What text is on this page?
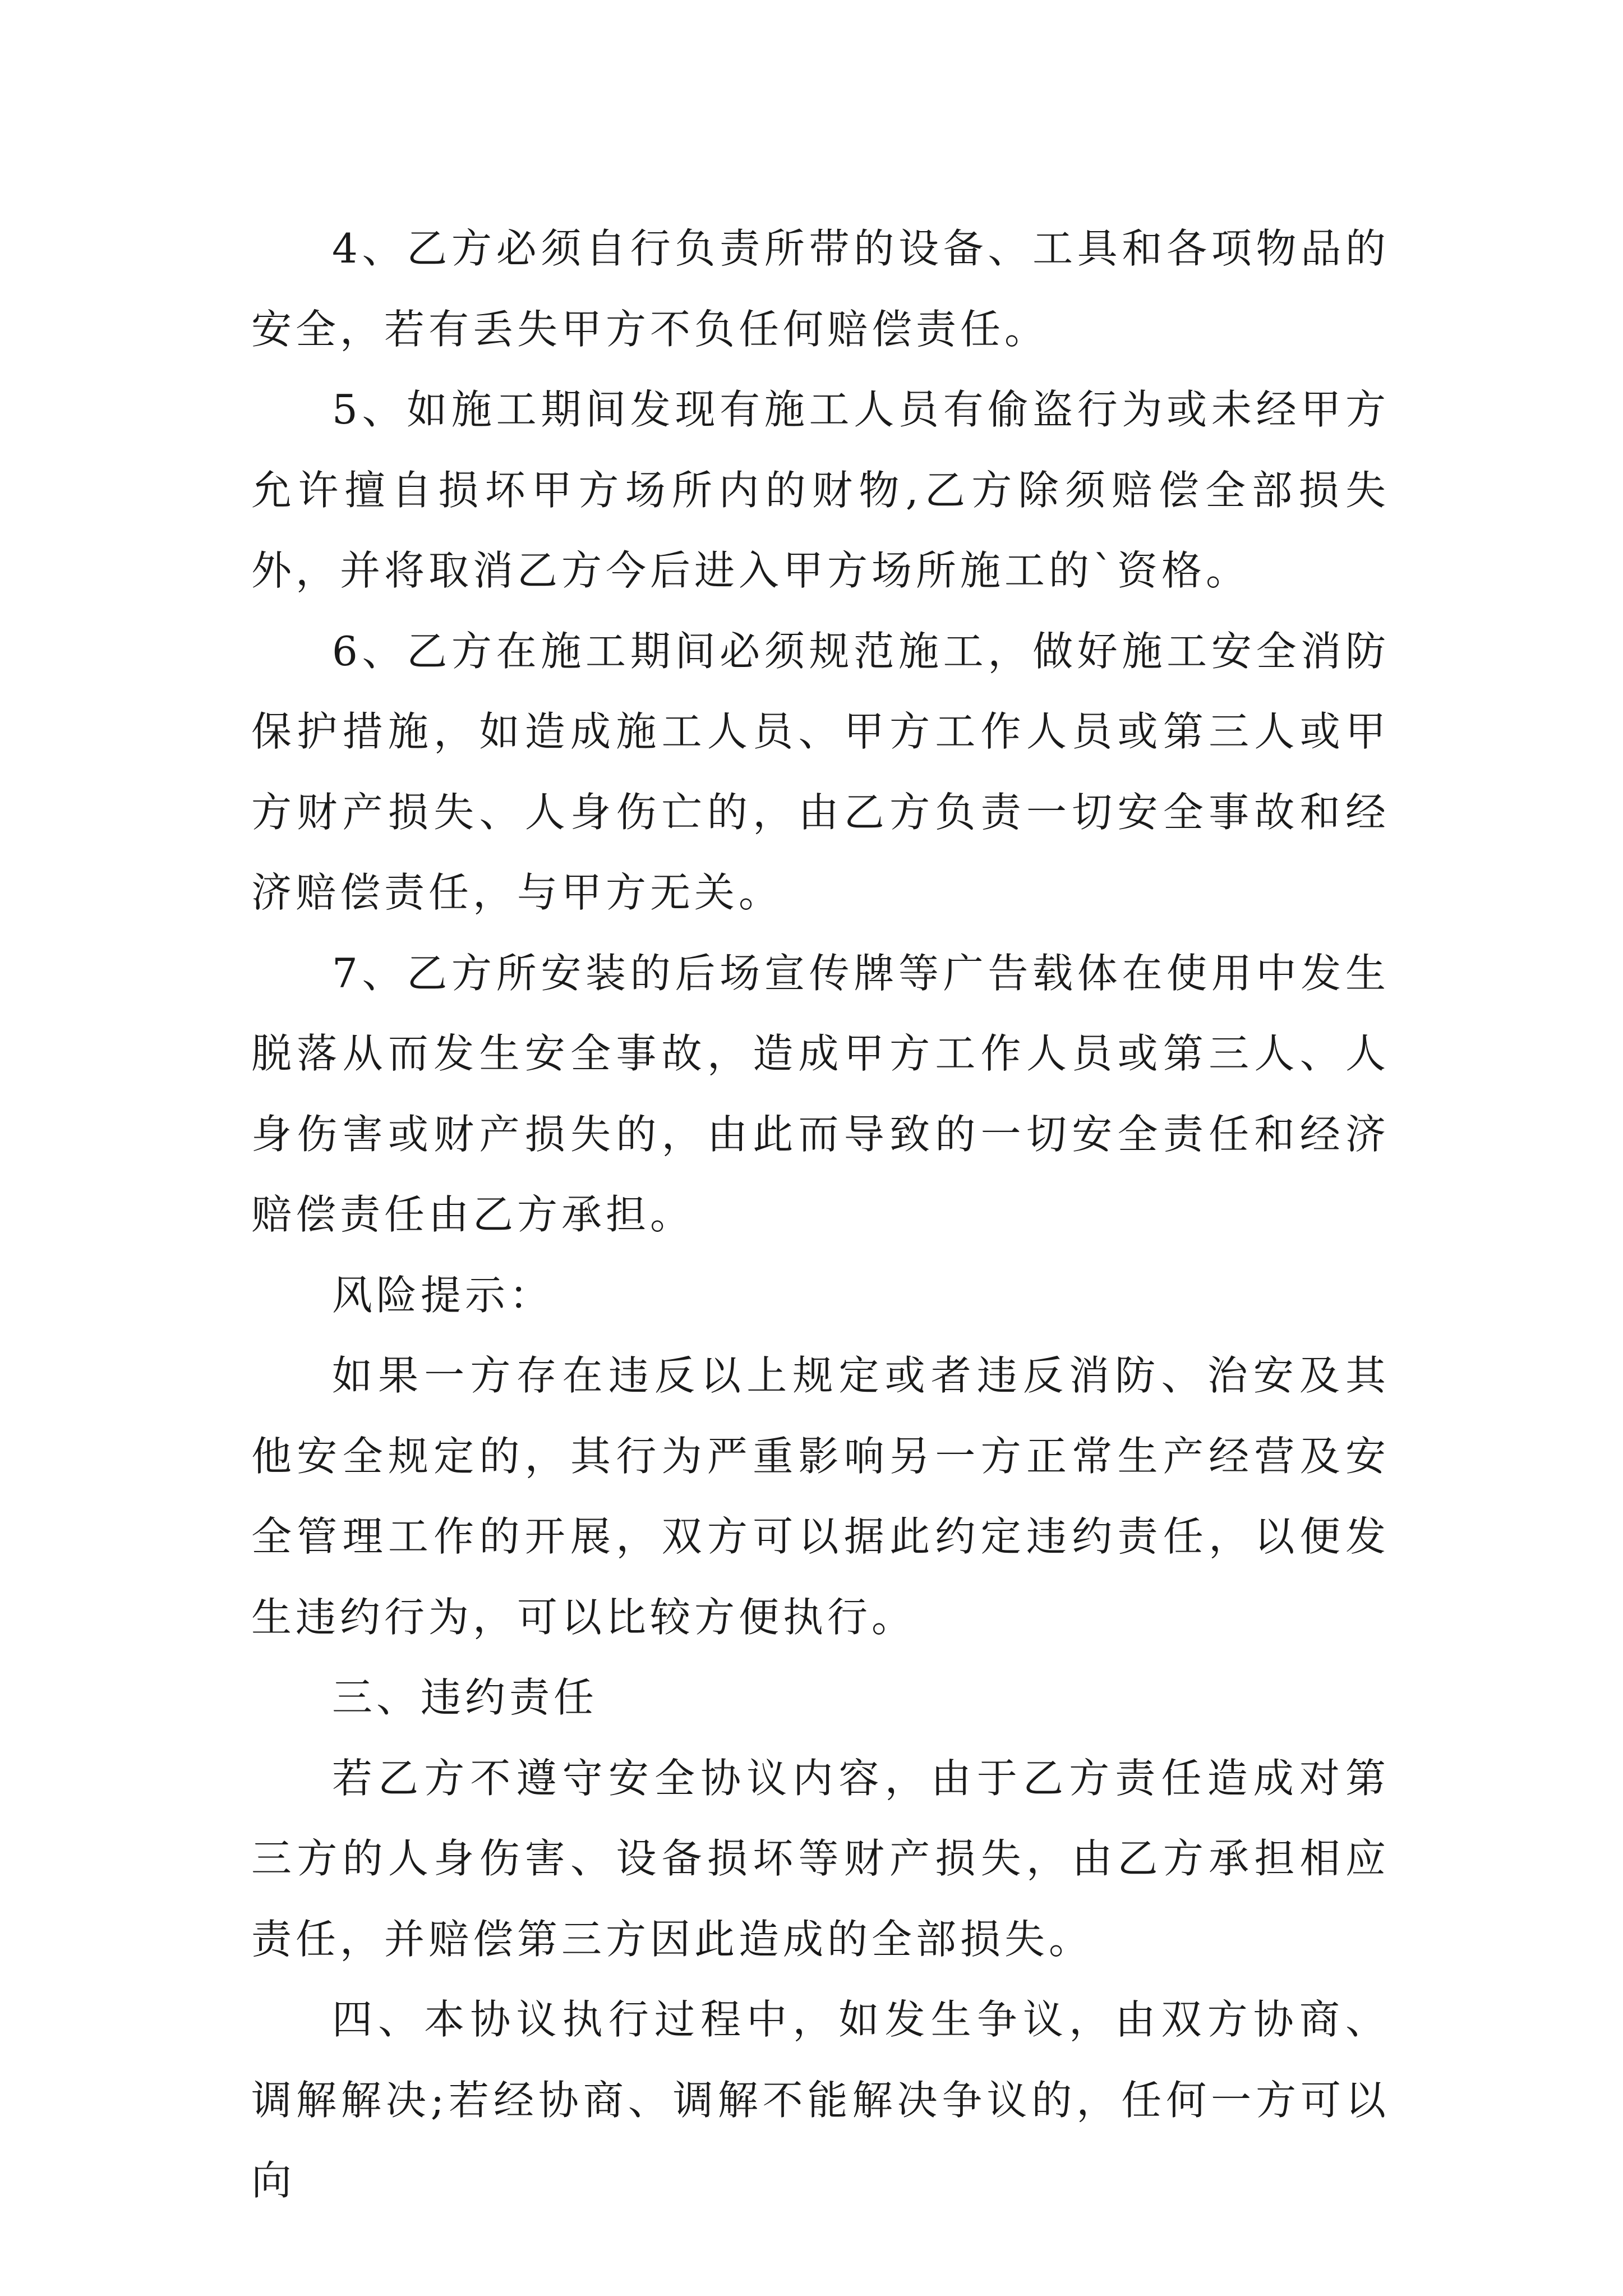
4、乙方必须自行负责所带的设备、工具和各项物品的安全，若有丢失甲方不负任何赔偿责任。

5、如施工期间发现有施工人员有偷盗行为或未经甲方允许擅自损坏甲方场所内的财物,乙方除须赔偿全部损失外，并将取消乙方今后进入甲方场所施工的`资格。

6、乙方在施工期间必须规范施工，做好施工安全消防保护措施，如造成施工人员、甲方工作人员或第三人或甲方财产损失、人身伤亡的，由乙方负责一切安全事故和经济赔偿责任，与甲方无关。

7、乙方所安装的后场宣传牌等广告载体在使用中发生脱落从而发生安全事故，造成甲方工作人员或第三人、人身伤害或财产损失的，由此而导致的一切安全责任和经济赔偿责任由乙方承担。

风险提示：

如果一方存在违反以上规定或者违反消防、治安及其他安全规定的，其行为严重影响另一方正常生产经营及安全管理工作的开展，双方可以据此约定违约责任，以便发生违约行为，可以比较方便执行。

三、违约责任

若乙方不遵守安全协议内容，由于乙方责任造成对第三方的人身伤害、设备损坏等财产损失，由乙方承担相应责任，并赔偿第三方因此造成的全部损失。

四、本协议执行过程中，如发生争议，由双方协商、调解解决;若经协商、调解不能解决争议的，任何一方可以向
